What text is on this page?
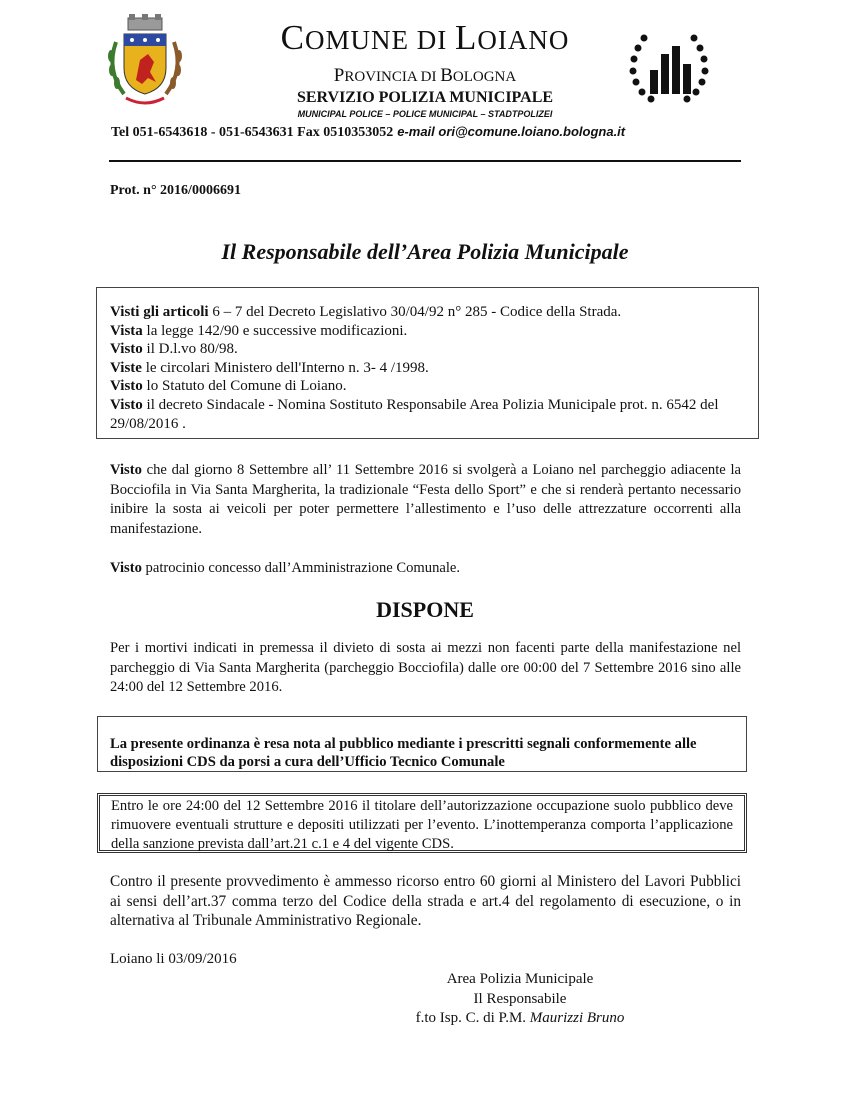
COMUNE DI LOIANO
PROVINCIA DI BOLOGNA
SERVIZIO POLIZIA MUNICIPALE
MUNICIPAL POLICE – POLICE MUNICIPAL – STADTPOLIZEI
Tel 051-6543618 - 051-6543631 Fax 0510353052 e-mail ori@comune.loiano.bologna.it
Prot. n° 2016/0006691
Il Responsabile dell’Area Polizia Municipale

Visti gli articoli 6 – 7 del Decreto Legislativo 30/04/92 n° 285 - Codice della Strada.

Vista la legge 142/90 e successive modificazioni.

Visto il D.l.vo 80/98.

Viste le circolari Ministero dell'Interno n. 3- 4 /1998.

Visto lo Statuto del Comune di Loiano.

Visto il decreto Sindacale - Nomina Sostituto Responsabile Area Polizia Municipale prot. n. 6542 del 29/08/2016 .

Visto che dal giorno 8 Settembre all’ 11 Settembre 2016 si svolgerà a Loiano nel parcheggio adiacente la Bocciofila in Via Santa Margherita, la tradizionale “Festa dello Sport” e che si renderà pertanto necessario inibire la sosta ai veicoli per poter permettere l’allestimento e l’uso delle attrezzature occorrenti alla manifestazione.

Visto patrocinio concesso dall’Amministrazione Comunale.

DISPONE

Per i mortivi indicati in premessa il divieto di sosta ai mezzi non facenti parte della manifestazione nel parcheggio di Via Santa Margherita (parcheggio Bocciofila) dalle ore 00:00 del 7 Settembre 2016 sino alle 24:00 del 12 Settembre 2016.

La presente ordinanza è resa nota al pubblico mediante i prescritti segnali conformemente alle disposizioni CDS da porsi a cura dell’Ufficio Tecnico Comunale
Entro le ore 24:00 del 12 Settembre 2016 il titolare dell’autorizzazione occupazione suolo pubblico deve rimuovere eventuali strutture e depositi utilizzati per l’evento. L’inottemperanza comporta l’applicazione della sanzione prevista dall’art.21 c.1 e 4 del vigente CDS.

Contro il presente provvedimento è ammesso ricorso entro 60 giorni al Ministero del Lavori Pubblici ai sensi dell’art.37 comma terzo del Codice della strada e art.4 del regolamento di esecuzione, o in alternativa al Tribunale Amministrativo Regionale.

Loiano li 03/09/2016
Area Polizia Municipale
Il Responsabile
f.to Isp. C. di P.M. Maurizzi Bruno
